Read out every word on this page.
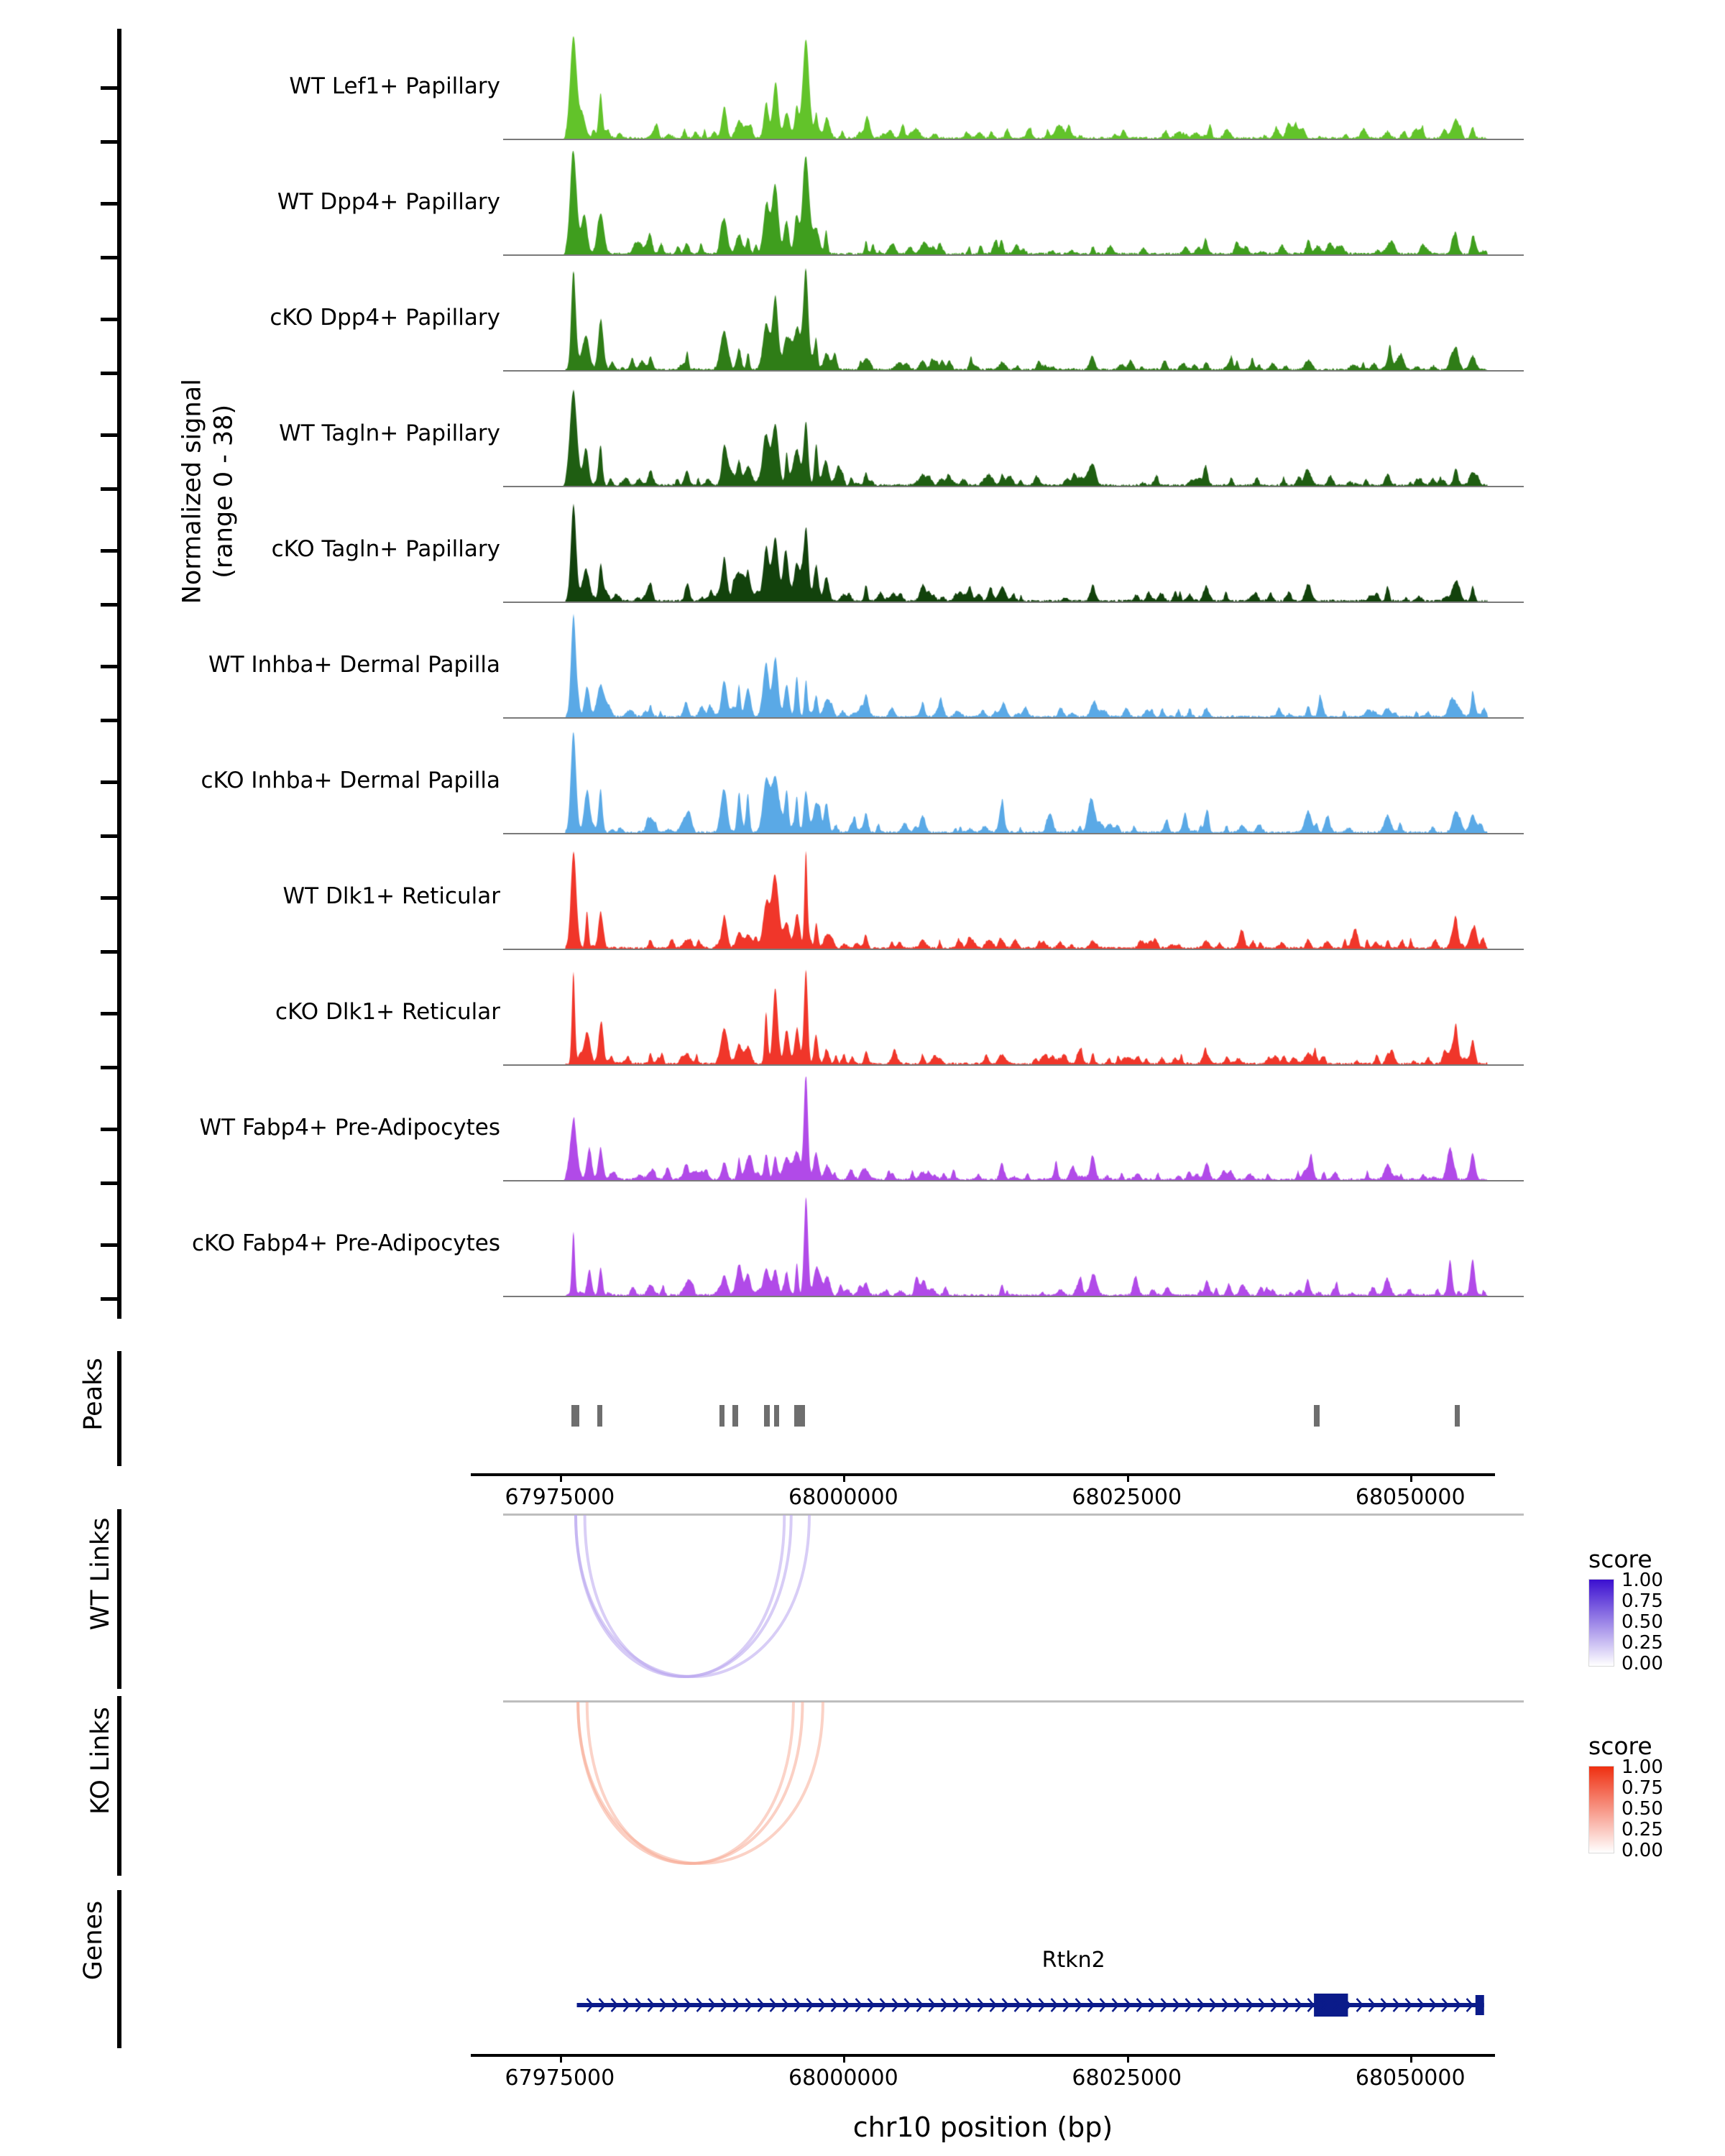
Normalized signal (range 0 - 38)
WT Lef1+ Papillary
WT Dpp4+ Papillary
cKO Dpp4+ Papillary
WT Tagln+ Papillary
cKO Tagln+ Papillary
WT Inhba+ Dermal Papilla
cKO Inhba+ Dermal Papilla
WT Dlk1+ Reticular
cKO Dlk1+ Reticular
WT Fabp4+ Pre-Adipocytes
cKO Fabp4+ Pre-Adipocytes
Peaks
67975000	68000000	68025000	68050000
WT Links	score
1.00
0.75
0.50
0.25
0.00
KO Links	score
1.00
0.75
0.50
0.25
0.00
Genes	Rtkn2
67975000	68000000	68025000	68050000
chr10 position (bp)
